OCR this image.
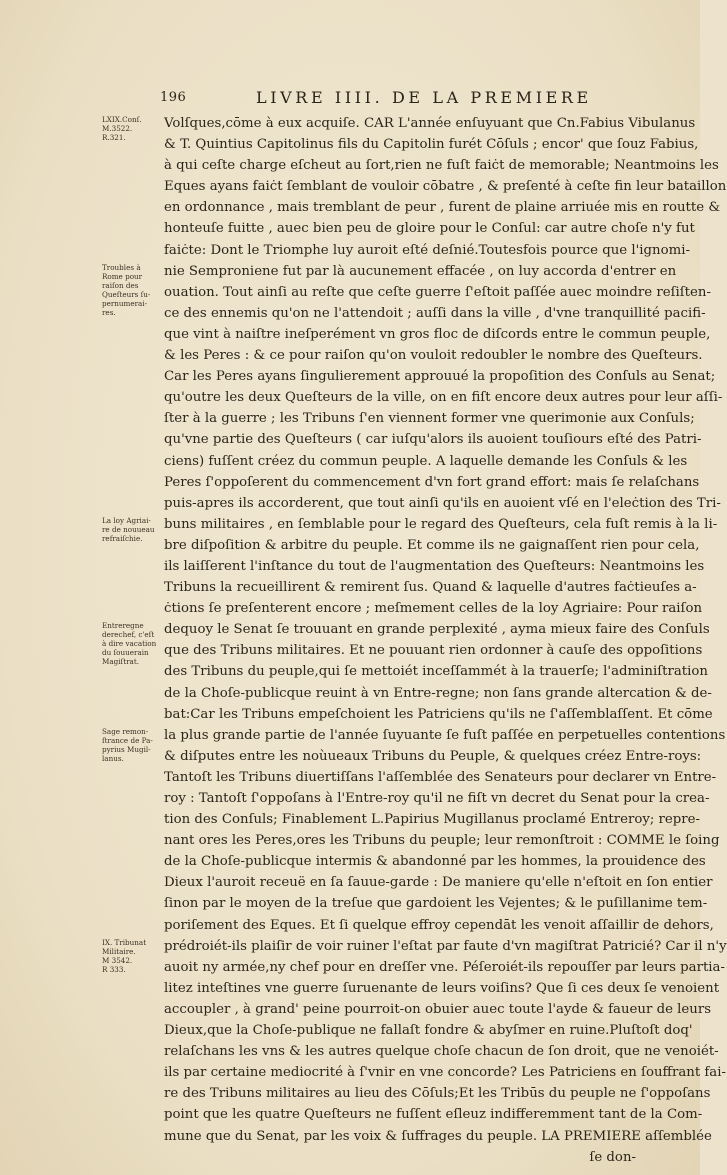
196	LIVRE IIII. DE LA PREMIERE
LXIX.Conſ.
M.3522.
R.321.
Troubles à
Rome pour
raiſon des
Queſteurs ſu-
pernumerai-
res.
La loy Agriai-
re de nouueau
refraiſchie.
Entreregne
derechef, c'eſt
à dire vacation
du ſouuerain
Magiſtrat.
Sage remon-
ſtrance de Pa-
pyrius Mugil-
lanus.
IX. Tribunat
Militaire.
M 3542.
R 333.
Volſques,cōme à eux acquiſe. CAR L'année enſuyuant que Cn.Fabius Vibulanus
& T. Quintius Capitolinus fils du Capitolin furét Cōſuls ; encor' que ſouz Fabius,
à qui ceſte charge eſcheut au ſort,rien ne fuſt faiċt de memorable; Neantmoins les
Eques ayans faiċt ſemblant de vouloir cōbatre , & preſenté à ceſte fin leur bataillon
en ordonnance , mais tremblant de peur , furent de plaine arriuée mis en routte &
honteuſe fuitte , auec bien peu de gloire pour le Conſul: car autre choſe n'y fut
faiċte: Dont le Triomphe luy auroit eſté deſnié.Toutesfois pource que l'ignomi-
nie Semproniene fut par là aucunement effacée , on luy accorda d'entrer en
ouation. Tout ainſi au reſte que ceſte guerre ſ'eſtoit paſſée auec moindre reſiſten-
ce des ennemis qu'on ne l'attendoit ; auſſi dans la ville , d'vne tranquillité pacifi-
que vint à naiſtre ineſperément vn gros floc de diſcords entre le commun peuple,
& les Peres : & ce pour raiſon qu'on vouloit redoubler le nombre des Queſteurs.
Car les Peres ayans ſingulierement approuué la propoſition des Conſuls au Senat;
qu'outre les deux Queſteurs de la ville, on en fiſt encore deux autres pour leur aſſi-
ſter à la guerre ; les Tribuns ſ'en viennent former vne querimonie aux Conſuls;
qu'vne partie des Queſteurs ( car iuſqu'alors ils auoient touſiours eſté des Patri-
ciens) fuſſent créez du commun peuple. A laquelle demande les Conſuls & les
Peres ſ'oppoſerent du commencement d'vn fort grand effort: mais ſe relaſchans
puis-apres ils accorderent, que tout ainſi qu'ils en auoient vſé en l'eleċtion des Tri-
buns militaires , en ſemblable pour le regard des Queſteurs, cela fuſt remis à la li-
bre diſpoſition & arbitre du peuple. Et comme ils ne gaignaſſent rien pour cela,
ils laiſſerent l'inſtance du tout de l'augmentation des Queſteurs: Neantmoins les
Tribuns la recueillirent & remirent ſus. Quand & laquelle d'autres faċtieuſes a-
ċtions ſe preſenterent encore ; meſmement celles de la loy Agriaire: Pour raiſon
dequoy le Senat ſe trouuant en grande perplexité , ayma mieux faire des Conſuls
que des Tribuns militaires. Et ne pouuant rien ordonner à cauſe des oppoſitions
des Tribuns du peuple,qui ſe mettoiét inceſſammét à la trauerſe; l'adminiſtration
de la Choſe-publicque reuint à vn Entre-regne; non ſans grande altercation & de-
bat:Car les Tribuns empeſchoient les Patriciens qu'ils ne ſ'aſſemblaſſent. Et cōme
la plus grande partie de l'année ſuyuante ſe fuſt paſſée en perpetuelles contentions
& diſputes entre les noùueaux Tribuns du Peuple, & quelques créez Entre-roys:
Tantoſt les Tribuns diuertiſſans l'aſſemblée des Senateurs pour declarer vn Entre-
roy : Tantoſt ſ'oppoſans à l'Entre-roy qu'il ne fiſt vn decret du Senat pour la crea-
tion des Conſuls; Finablement L.Papirius Mugillanus proclamé Entreroy; repre-
nant ores les Peres,ores les Tribuns du peuple; leur remonſtroit : COMME le ſoing
de la Choſe-publicque intermis & abandonné par les hommes, la prouidence des
Dieux l'auroit receuë en ſa ſauue-garde : De maniere qu'elle n'eſtoit en ſon entier
ſinon par le moyen de la treſue que gardoient les Vejentes; & le puſillanime tem-
poriſement des Eques. Et ſi quelque effroy cependāt les venoit aſſaillir de dehors,
prédroiét-ils plaiſir de voir ruiner l'eſtat par faute d'vn magiſtrat Patricié? Car il n'y
auoit ny armée,ny chef pour en dreſſer vne. Péſeroiét-ils repouſſer par leurs partia-
litez inteſtines vne guerre ſuruenante de leurs voiſins? Que ſi ces deux ſe venoient
accoupler , à grand' peine pourroit-on obuier auec toute l'ayde & faueur de leurs
Dieux,que la Choſe-publique ne fallaſt fondre & abyſmer en ruine.Pluſtoſt doq'
relaſchans les vns & les autres quelque choſe chacun de ſon droit, que ne venoiét-
ils par certaine mediocrité à ſ'vnir en vne concorde? Les Patriciens en ſouffrant fai-
re des Tribuns militaires au lieu des Cōſuls;Et les Tribūs du peuple ne ſ'oppoſans
point que les quatre Queſteurs ne fuſſent eſleuz indifferemment tant de la Com-
mune que du Senat, par les voix & ſuffrages du peuple. LA PREMIERE aſſemblée
ſe don-
